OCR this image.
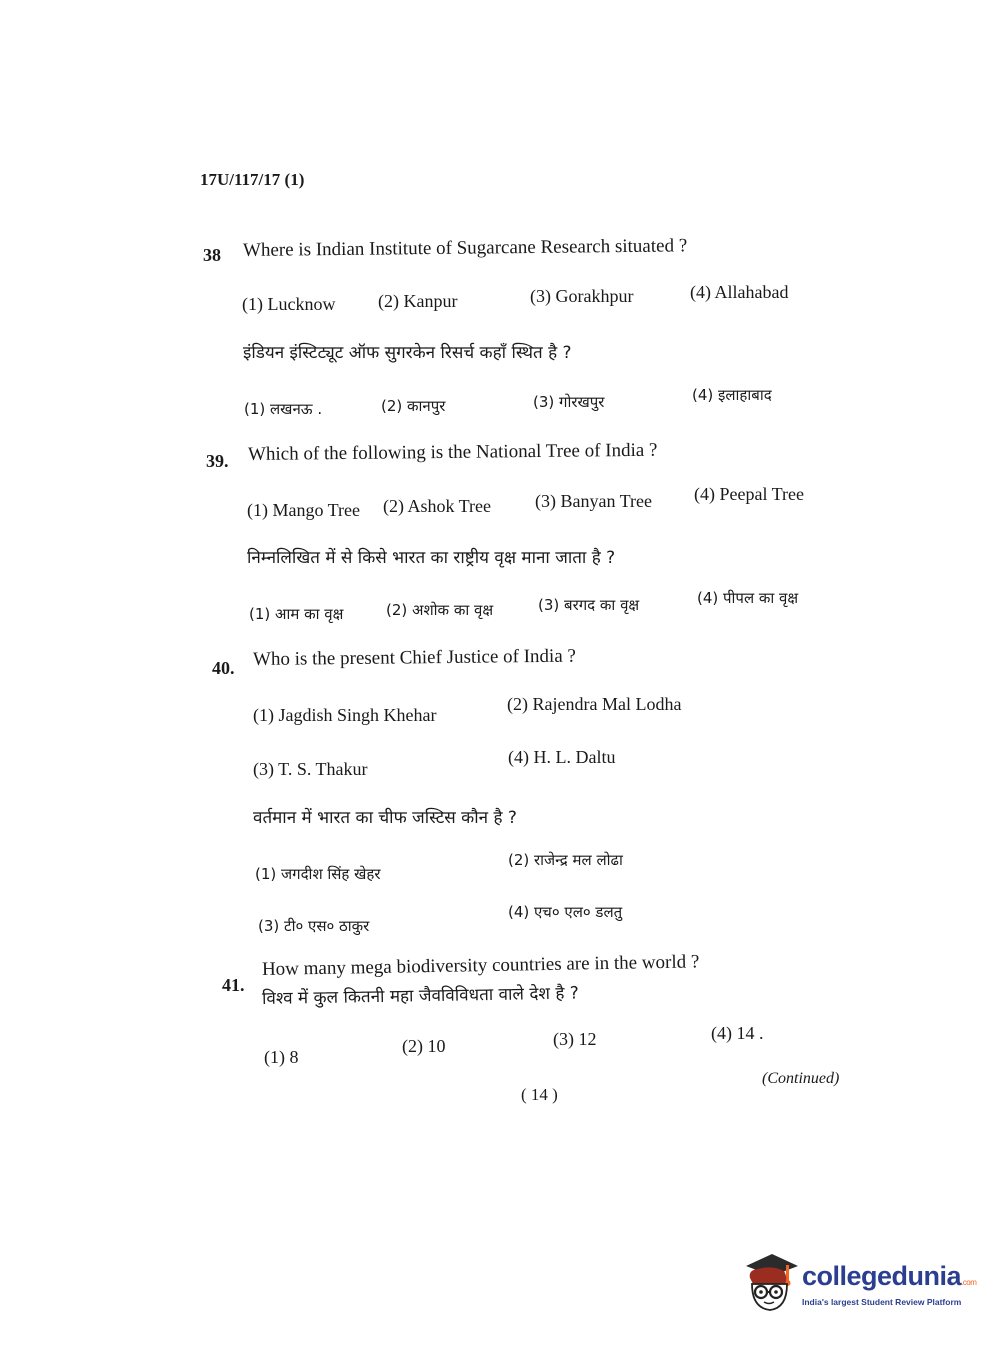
17U/117/17 (1)
38 Where is Indian Institute of Sugarcane Research situated ?
(1) Lucknow (2) Kanpur	(3) Gorakhpur	(4) Allahabad
इंडियन इंस्टिट्यूट ऑफ सुगरकेन रिसर्च कहाँ स्थित है ?
(1) लखनऊ .	(2) कानपुर	(3) गोरखपुर	(4) इलाहाबाद
39. Which of the following is the National Tree of India ?
(1) Mango Tree (2) Ashok Tree (3) Banyan Tree (4) Peepal Tree
निम्नलिखित में से किसे भारत का राष्ट्रीय वृक्ष माना जाता है ?
(1) आम का वृक्ष	(2) अशोक का वृक्ष	(3) बरगद का वृक्ष	(4) पीपल का वृक्ष
40. Who is the present Chief Justice of India ?
(1) Jagdish Singh Khehar
(2) Rajendra Mal Lodha
(3) T. S. Thakur
(4) H. L. Daltu
वर्तमान में भारत का चीफ जस्टिस कौन है ?
(1) जगदीश सिंह खेहर
(2) राजेन्द्र मल लोढा
(3) टी० एस० ठाकुर
(4) एच० एल० डलतु
41.
How many mega biodiversity countries are in the world ?
विश्व में कुल कितनी महा जैवविविधता वाले देश है ?
(1) 8
(2) 10	(3) 12	(4) 14 .
( 14 )
(Continued)
collegedunia.com
India's largest Student Review Platform
